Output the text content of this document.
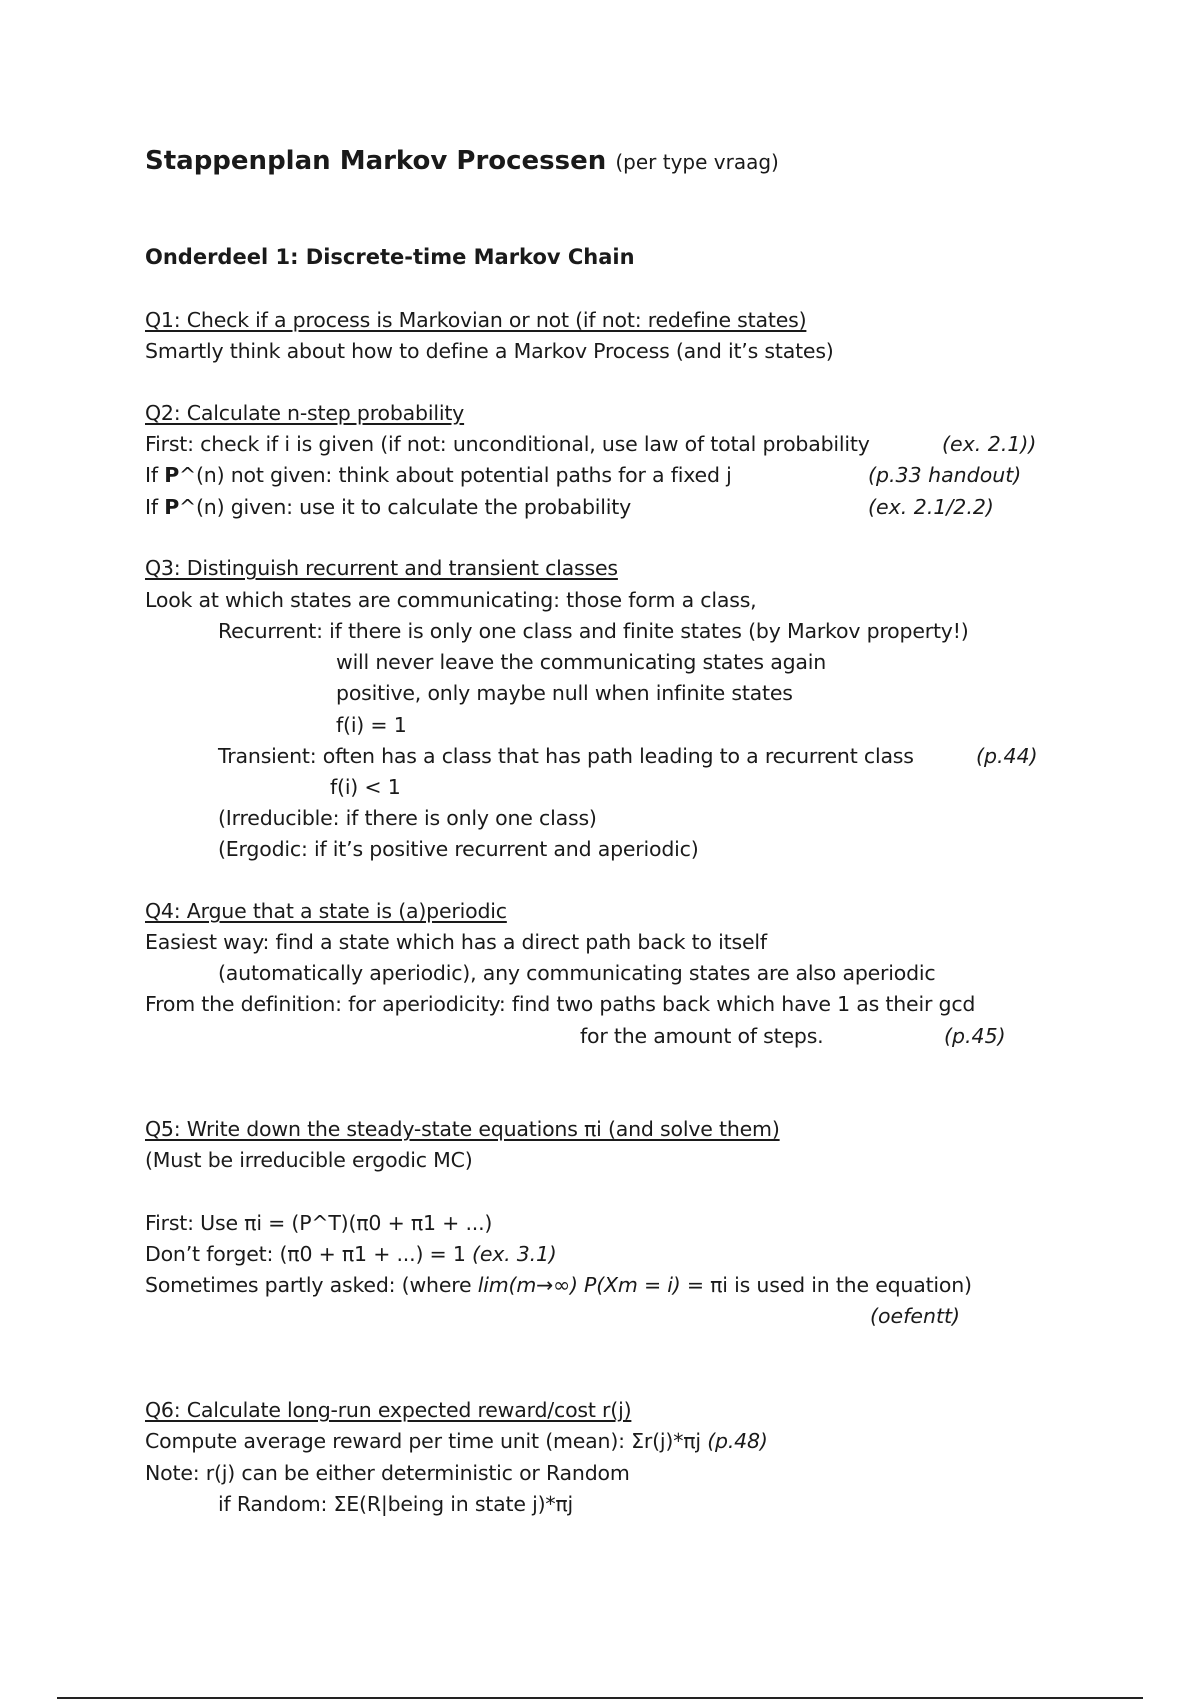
Stappenplan Markov Processen (per type vraag)
Onderdeel 1: Discrete-time Markov Chain
Q1: Check if a process is Markovian or not (if not: redefine states)
Smartly think about how to define a Markov Process (and it’s states)
Q2: Calculate n-step probability
First: check if i is given (if not: unconditional, use law of total probability	(ex. 2.1))
If P^(n) not given: think about potential paths for a fixed j	(p.33 handout)
If P^(n) given: use it to calculate the probability	(ex. 2.1/2.2)
Q3: Distinguish recurrent and transient classes
Look at which states are communicating: those form a class,
Recurrent: if there is only one class and finite states (by Markov property!)
will never leave the communicating states again
positive, only maybe null when infinite states
f(i) = 1
Transient: often has a class that has path leading to a recurrent class	(p.44)
f(i) < 1
(Irreducible: if there is only one class)
(Ergodic: if it’s positive recurrent and aperiodic)
Q4: Argue that a state is (a)periodic
Easiest way: find a state which has a direct path back to itself
(automatically aperiodic), any communicating states are also aperiodic
From the definition: for aperiodicity: find two paths back which have 1 as their gcd
for the amount of steps.	(p.45)
Q5: Write down the steady-state equations πi (and solve them)
(Must be irreducible ergodic MC)
First: Use πi = (P^T)(π0 + π1 + ...)
Don’t forget: (π0 + π1 + ...) = 1 (ex. 3.1)
Sometimes partly asked: (where lim(m→∞) P(Xm = i) = πi is used in the equation)
(oefentt)
Q6: Calculate long-run expected reward/cost r(j)
Compute average reward per time unit (mean): Σr(j)*πj (p.48)
Note: r(j) can be either deterministic or Random
if Random: ΣE(R|being in state j)*πj
